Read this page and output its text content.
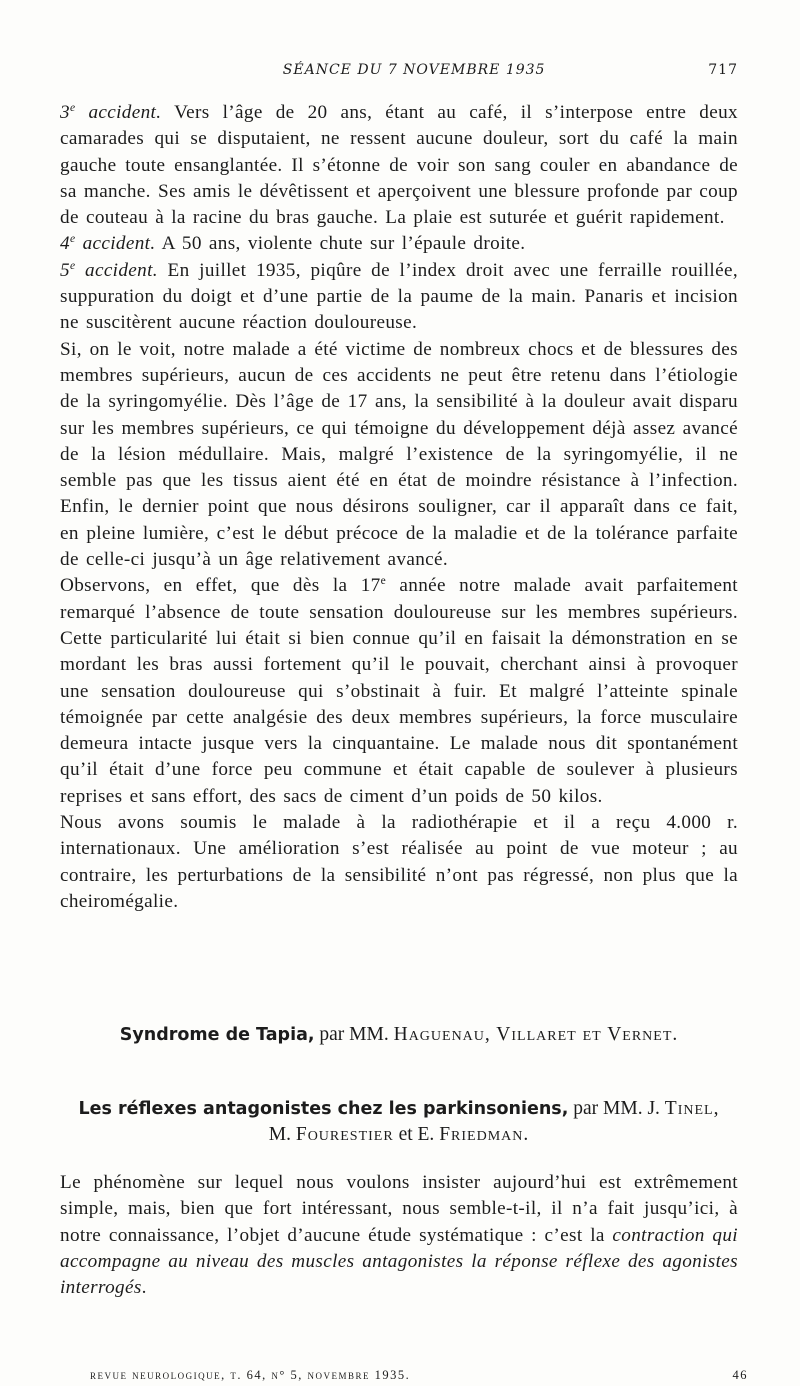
SÉANCE DU 7 NOVEMBRE 1935	717

3e accident. Vers l’âge de 20 ans, étant au café, il s’interpose entre deux camarades qui se disputaient, ne ressent aucune douleur, sort du café la main gauche toute ensanglantée. Il s’étonne de voir son sang couler en abandance de sa manche. Ses amis le dévêtissent et aperçoivent une blessure profonde par coup de couteau à la racine du bras gauche. La plaie est suturée et guérit rapidement.

4e accident. A 50 ans, violente chute sur l’épaule droite.

5e accident. En juillet 1935, piqûre de l’index droit avec une ferraille rouillée, suppuration du doigt et d’une partie de la paume de la main. Panaris et incision ne suscitèrent aucune réaction douloureuse.

Si, on le voit, notre malade a été victime de nombreux chocs et de blessures des membres supérieurs, aucun de ces accidents ne peut être retenu dans l’étiologie de la syringomyélie. Dès l’âge de 17 ans, la sensibilité à la douleur avait disparu sur les membres supérieurs, ce qui témoigne du développement déjà assez avancé de la lésion médullaire. Mais, malgré l’existence de la syringomyélie, il ne semble pas que les tissus aient été en état de moindre résistance à l’infection. Enfin, le dernier point que nous désirons souligner, car il apparaît dans ce fait, en pleine lumière, c’est le début précoce de la maladie et de la tolérance parfaite de celle-ci jusqu’à un âge relativement avancé.

Observons, en effet, que dès la 17e année notre malade avait parfaitement remarqué l’absence de toute sensation douloureuse sur les membres supérieurs. Cette particularité lui était si bien connue qu’il en faisait la démonstration en se mordant les bras aussi fortement qu’il le pouvait, cherchant ainsi à provoquer une sensation douloureuse qui s’obstinait à fuir. Et malgré l’atteinte spinale témoignée par cette analgésie des deux membres supérieurs, la force musculaire demeura intacte jusque vers la cinquantaine. Le malade nous dit spontanément qu’il était d’une force peu commune et était capable de soulever à plusieurs reprises et sans effort, des sacs de ciment d’un poids de 50 kilos.

Nous avons soumis le malade à la radiothérapie et il a reçu 4.000 r. internationaux. Une amélioration s’est réalisée au point de vue moteur ; au contraire, les perturbations de la sensibilité n’ont pas régressé, non plus que la cheiromégalie.

Syndrome de Tapia, par MM. Haguenau, Villaret et Vernet.
Les réflexes antagonistes chez les parkinsoniens, par MM. J. Tinel,
M. Fourestier et E. Friedman.

Le phénomène sur lequel nous voulons insister aujourd’hui est extrêmement simple, mais, bien que fort intéressant, nous semble-t-il, il n’a fait jusqu’ici, à notre connaissance, l’objet d’aucune étude systématique : c’est la contraction qui accompagne au niveau des muscles antagonistes la réponse réflexe des agonistes interrogés.

revue neurologique, t. 64, n° 5, novembre 1935.	46
